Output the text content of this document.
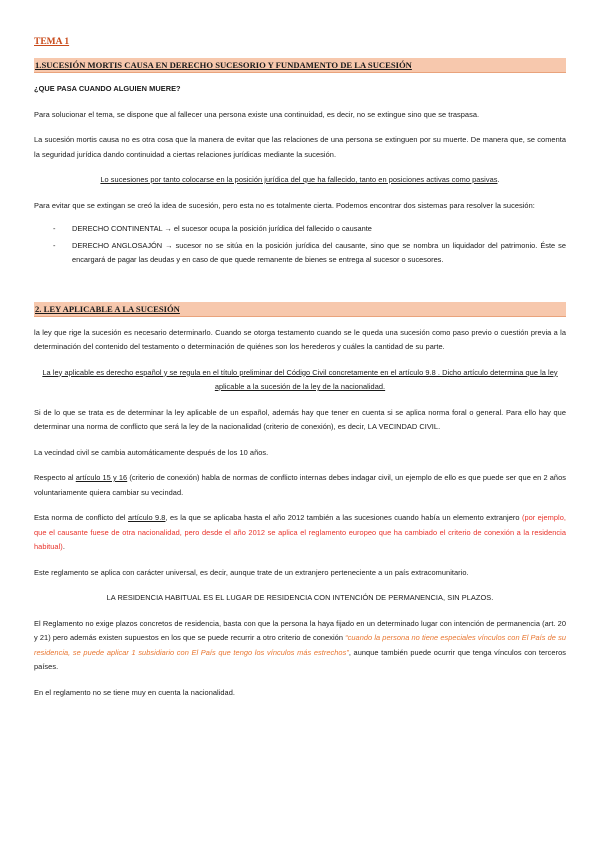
TEMA 1
1.SUCESIÓN MORTIS CAUSA EN DERECHO SUCESORIO Y FUNDAMENTO DE LA SUCESIÓN

¿QUE PASA CUANDO ALGUIEN MUERE?

Para solucionar el tema, se dispone que al fallecer una persona existe una continuidad, es decir, no se extingue sino que se traspasa.

La sucesión mortis causa no es otra cosa que la manera de evitar que las relaciones de una persona se extinguen por su muerte. De manera que, se comenta la seguridad jurídica dando continuidad a ciertas relaciones jurídicas mediante la sucesión.

Lo sucesiones por tanto colocarse en la posición jurídica del que ha fallecido, tanto en posiciones activas como pasivas.

Para evitar que se extingan se creó la idea de sucesión, pero esta no es totalmente cierta. Podemos encontrar dos sistemas para resolver la sucesión:

- DERECHO CONTINENTAL → el sucesor ocupa la posición jurídica del fallecido o causante
- DERECHO ANGLOSAJÓN → sucesor no se sitúa en la posición jurídica del causante, sino que se nombra un liquidador del patrimonio. Éste se encargará de pagar las deudas y en caso de que quede remanente de bienes se entrega al sucesor o sucesores.
2. LEY APLICABLE A LA SUCESIÓN

la ley que rige la sucesión es necesario determinarlo. Cuando se otorga testamento cuando se le queda una sucesión como paso previo o cuestión previa a la determinación del contenido del testamento o determinación de quiénes son los herederos y cuáles la cantidad de su parte.

La ley aplicable es derecho español y se regula en el título preliminar del Código Civil concretamente en el artículo 9.8 . Dicho artículo determina que la ley aplicable a la sucesión de la ley de la nacionalidad.

Si de lo que se trata es de determinar la ley aplicable de un español, además hay que tener en cuenta si se aplica norma foral o general. Para ello hay que determinar una norma de conflicto que será la ley de la nacionalidad (criterio de conexión), es decir, LA VECINDAD CIVIL.

La vecindad civil se cambia automáticamente después de los 10 años.

Respecto al artículo 15 y 16 (criterio de conexión) habla de normas de conflicto internas debes indagar civil, un ejemplo de ello es que puede ser que en 2 años voluntariamente quiera cambiar su vecindad.

Esta norma de conflicto del artículo 9.8, es la que se aplicaba hasta el año 2012 también a las sucesiones cuando había un elemento extranjero (por ejemplo, que el causante fuese de otra nacionalidad, pero desde el año 2012 se aplica el reglamento europeo que ha cambiado el criterio de conexión a la residencia habitual).

Este reglamento se aplica con carácter universal, es decir, aunque trate de un extranjero perteneciente a un país extracomunitario.

LA RESIDENCIA HABITUAL ES EL LUGAR DE RESIDENCIA CON INTENCIÓN DE PERMANENCIA, SIN PLAZOS.

El Reglamento no exige plazos concretos de residencia, basta con que la persona la haya fijado en un determinado lugar con intención de permanencia (art. 20 y 21) pero además existen supuestos en los que se puede recurrir a otro criterio de conexión “cuando la persona no tiene especiales vínculos con El País de su residencia, se puede aplicar 1 subsidiario con El País que tengo los vínculos más estrechos”, aunque también puede ocurrir que tenga vínculos con terceros países.

En el reglamento no se tiene muy en cuenta la nacionalidad.
